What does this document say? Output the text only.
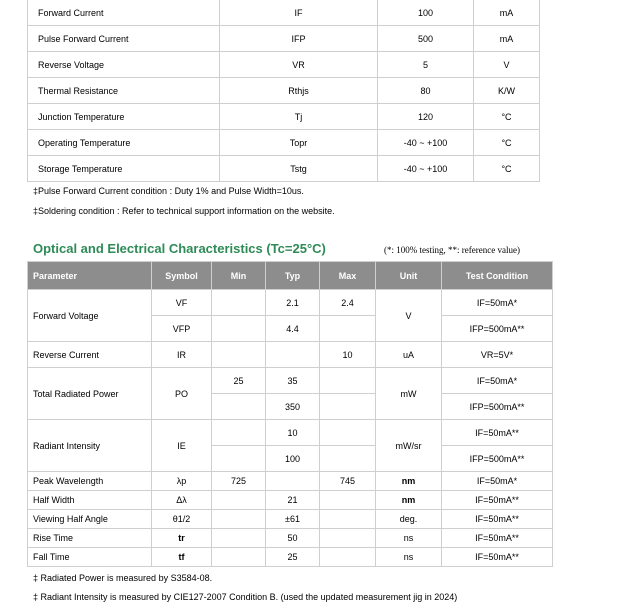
Forward Current	IF	100	mA
Pulse Forward Current	IFP	500	mA
Reverse Voltage	VR	5	V
Thermal Resistance	Rthjs	80	K/W
Junction Temperature	Tj	120	°C
Operating Temperature	Topr	-40 ~ +100	°C
Storage Temperature	Tstg	-40 ~ +100	°C
‡Pulse Forward Current condition : Duty 1% and Pulse Width=10us.
‡Soldering condition : Refer to technical support information on the website.
Optical and Electrical Characteristics (Tc=25°C)	(*: 100% testing, **: reference value)
Parameter	Symbol	Min	Typ	Max	Unit	Test Condition
Forward Voltage	VF		2.1	2.4	V	IF=50mA*
	VFP		4.4			IFP=500mA**
Reverse Current	IR			10	uA	VR=5V*
Total Radiated Power	PO	25	35		mW	IF=50mA*
			350			IFP=500mA**
Radiant Intensity	IE		10		mW/sr	IF=50mA**
			100			IFP=500mA**
Peak Wavelength	λp	725		745	nm	IF=50mA*
Half Width	Δλ		21		nm	IF=50mA**
Viewing Half Angle	θ1/2		±61		deg.	IF=50mA**
Rise Time	tr		50		ns	IF=50mA**
Fall Time	tf		25		ns	IF=50mA**
‡ Radiated Power is measured by S3584-08.
‡ Radiant Intensity is measured by CIE127-2007 Condition B. (used the updated measurement jig in 2024)
